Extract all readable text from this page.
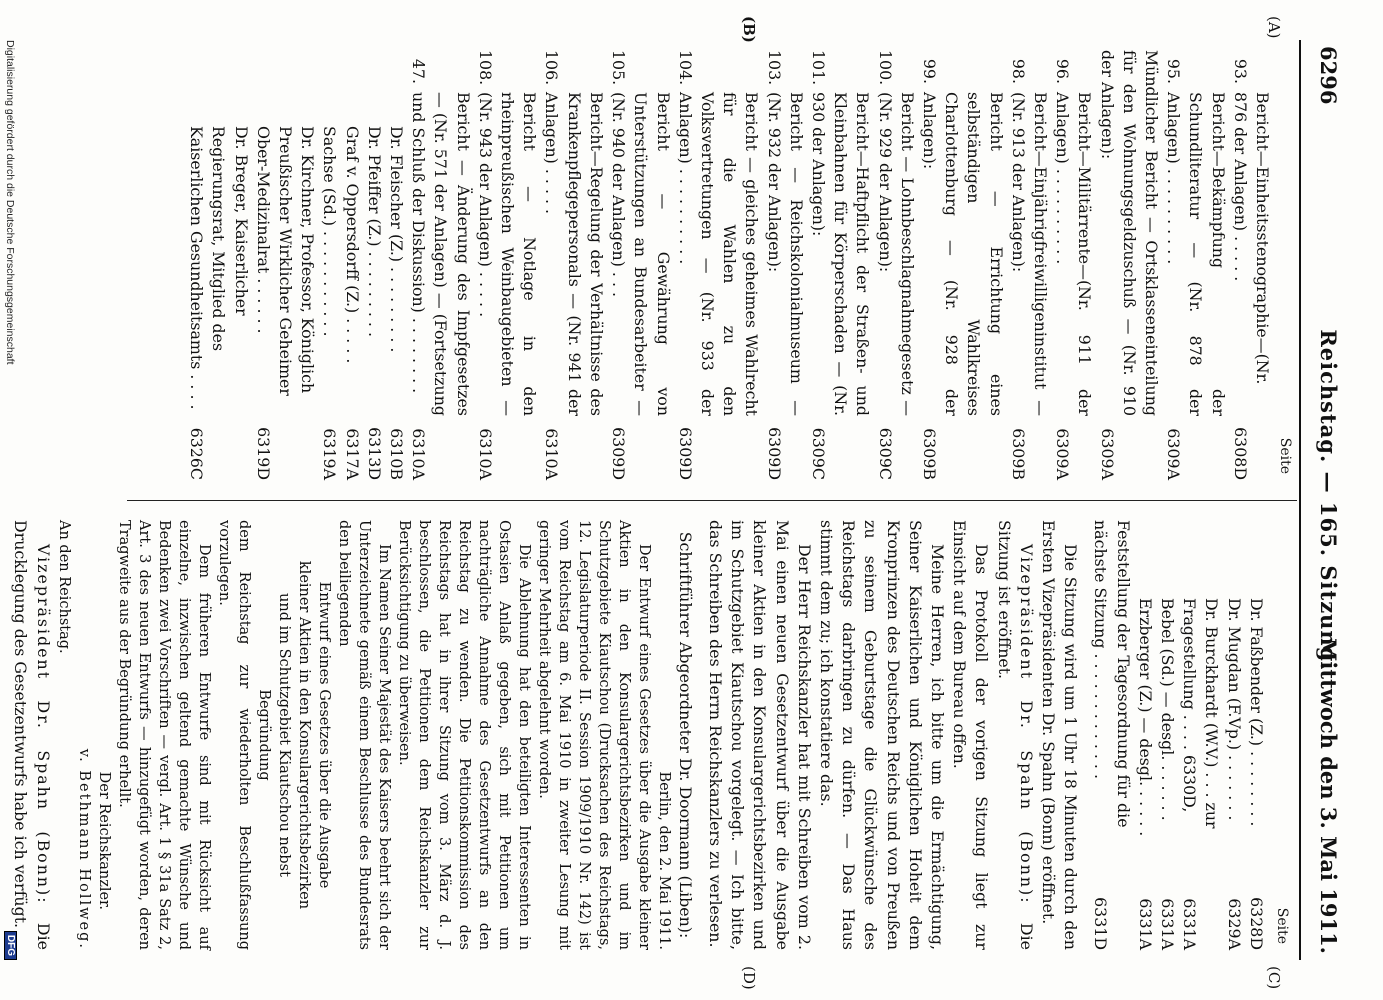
6296
Reichstag. — 165. Sitzung.
Mittwoch den 3. Mai 1911.
(A)
(B)
(C)
(D)
Seite
93.
Bericht—Einheitsstenographie—(Nr. 876 der Anlagen) . . . . .
6308D
95.
Bericht—Bekämpfung der Schundliteratur — (Nr. 878 der Anlagen) . . . . . . . . . .
6309A
Mündlicher Bericht — Ortsklasseneinteilung für den Wohnungsgeldzuschuß — (Nr. 910 der Anlagen):
6309A
96.
Bericht—Militärrente—(Nr. 911 der Anlagen) . . . . . . . . . .
6309A
98.
Bericht—Einjährigfreiwilligeninstitut — (Nr. 913 der Anlagen):
6309B
99.
Bericht — Errichtung eines selbständigen Wahlkreises Charlottenburg — (Nr. 928 der Anlagen):
6309B
100.
Bericht — Lohnbeschlagnahmegesetz — (Nr. 929 der Anlagen):
6309C
101.
Bericht—Haftpflicht der Straßen- und Kleinbahnen für Körperschaden — (Nr. 930 der Anlagen):
6309C
103.
Bericht — Reichskolonialmuseum — (Nr. 932 der Anlagen):
6309D
104.
Bericht — gleiches geheimes Wahlrecht für die Wahlen zu den Volksvertretungen — (Nr. 933 der Anlagen) . . . . . . . . . .
6309D
105.
Bericht — Gewährung von Unterstützungen an Bundesarbeiter — (Nr. 940 der Anlagen) . . .
6309D
106.
Bericht—Regelung der Verhältnisse des Krankenpflegepersonals — (Nr. 941 der Anlagen) . . . . .
6310A
108.
Bericht — Notlage in den rheinpreußischen Weinbaugebieten — (Nr. 943 der Anlagen) . . . . .
6310A
47.
Bericht — Änderung des Impfgesetzes — (Nr. 571 der Anlagen) — (Fortsetzung und Schluß der Diskussion) . . . . . . . .
6310A
Dr. Fleischer (Z.) . . . . . . . . .
6310B
Dr. Pfeiffer (Z.) . . . . . . . . .
6313D
Graf v. Oppersdorff (Z.) . . . . .
6317A
Sachse (Sd.) . . . . . . . . . . .
6319A
Dr. Kirchner, Professor, Königlich Preußischer Wirklicher Geheimer Ober-Medizinalrat . . . . . .
6319D
Dr. Breger, Kaiserlicher Regierungsrat, Mitglied des Kaiserlichen Gesundheitsamts . . . .
6326C
Seite
Dr. Faßbender (Z.) . . . . . . . .
6328D
Dr. Mugdan (F.Vp.) . . . . . . .
6329A
Dr. Burckhardt (W.V.) . . . zur Fragestellung . . . . 6330D,
6331A
Bebel (Sd.) — desgl. . . . . . .
6331A
Erzberger (Z.) — desgl. . . . . .
6331A
Feststellung der Tagesordnung für die nächste Sitzung . . . . . . . . . . . . .
6331D

Die Sitzung wird um 1 Uhr 18 Minuten durch den Ersten Vizepräsidenten Dr. Spahn (Bonn) eröffnet.

Vizepräsident Dr. Spahn (Bonn): Die Sitzung ist eröffnet.

Das Protokoll der vorigen Sitzung liegt zur Einsicht auf dem Bureau offen.

Meine Herren, ich bitte um die Ermächtigung, Seiner Kaiserlichen und Königlichen Hoheit dem Kronprinzen des Deutschen Reichs und von Preußen zu seinem Geburtstage die Glückwünsche des Reichstags darbringen zu dürfen. — Das Haus stimmt dem zu; ich konstatiere das.

Der Herr Reichskanzler hat mit Schreiben vom 2. Mai einen neuen Gesetzentwurf über die Ausgabe kleiner Aktien in den Konsulargerichtsbezirken und im Schutzgebiet Kiautschou vorgelegt. — Ich bitte, das Schreiben des Herrn Reichskanzlers zu verlesen.

Schriftführer Abgeordneter Dr. Doormann (Liben):

Berlin, den 2. Mai 1911.

Der Entwurf eines Gesetzes über die Ausgabe kleiner Aktien in den Konsulargerichtsbezirken und im Schutzgebiete Kiautschou (Drucksachen des Reichstags, 12. Legislaturperiode II. Session 1909/1910 Nr. 142) ist vom Reichstag am 6. Mai 1910 in zweiter Lesung mit geringer Mehrheit abgelehnt worden.

Die Ablehnung hat den beteiligten Interessenten in Ostasien Anlaß gegeben, sich mit Petitionen um nachträgliche Annahme des Gesetzentwurfs an den Reichstag zu wenden. Die Petitionskommission des Reichstags hat in ihrer Sitzung vom 3. März d. J. beschlossen, die Petitionen dem Reichskanzler zur Berücksichtigung zu überweisen.

Im Namen Seiner Majestät des Kaisers beehrt sich der Unterzeichnete gemäß einem Beschlusse des Bundesrats den beiliegenden

Entwurf eines Gesetzes über die Ausgabe kleiner Aktien in den Konsulargerichtsbezirken und im Schutzgebiet Kiautschou nebst Begründung

dem Reichstag zur wiederholten Beschlußfassung vorzulegen.

Dem früheren Entwurfe sind mit Rücksicht auf einzelne, inzwischen geltend gemachte Wünsche und Bedenken zwei Vorschriften — vergl. Art. 1 § 31a Satz 2, Art. 3 des neuen Entwurfs — hinzugefügt worden, deren Tragweite aus der Begründung erhellt.

Der Reichskanzler.

v. Bethmann Hollweg.

An den Reichstag.

Vizepräsident Dr. Spahn (Bonn): Die Drucklegung des Gesetzentwurfs habe ich verfügt.

Digitalisierung gefördert durch die Deutsche Forschungsgemeinschaft
DFG
